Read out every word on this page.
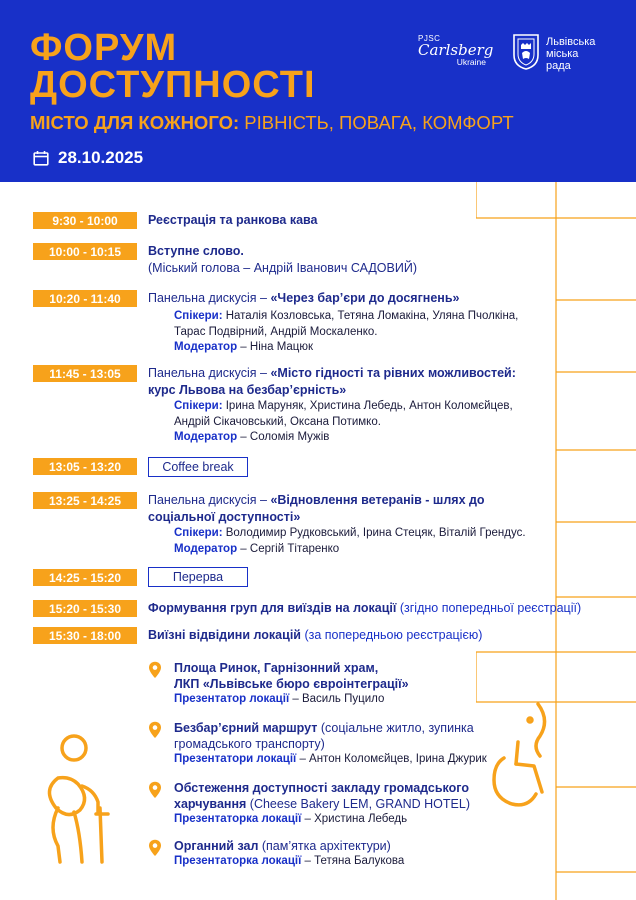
ФОРУМ
ДОСТУПНОСТІ
МІСТО ДЛЯ КОЖНОГО: РІВНІСТЬ, ПОВАГА, КОМФОРТ
28.10.2025
PJSC
Carlsberg
Ukraine
Львівська
міська
рада
9:30 - 10:00	Реєстрація та ранкова кава
10:00 - 10:15	Вступне слово.
(Міський голова – Андрій Іванович САДОВИЙ)
10:20 - 11:40	Панельна дискусія – «Через бар’єри до досягнень»
Спікери: Наталія Козловська, Тетяна Ломакіна, Уляна Пчолкіна,
Тарас Подвірний, Андрій Москаленко.
Модератор – Ніна Мацюк
11:45 - 13:05	Панельна дискусія – «Місто гідності та рівних можливостей:
курс Львова на безбар’єрність»
Спікери: Ірина Маруняк, Христина Лебедь, Антон Коломєйцев,
Андрій Сікачовський, Оксана Потимко.
Модератор – Соломія Мужів
13:05 - 13:20	Coffee break
13:25 - 14:25	Панельна дискусія – «Відновлення ветеранів - шлях до
соціальної доступності»
Спікери: Володимир Рудковський, Ірина Стецяк, Віталій Грендус.
Модератор – Сергій Тітаренко
14:25 - 15:20	Перерва
15:20 - 15:30	Формування груп для виїздів на локації (згідно попередньої реєстрації)
15:30 - 18:00	Виїзні відвідини локацій (за попередньою реєстрацією)
Площа Ринок, Гарнізонний храм,
ЛКП «Львівське бюро євроінтеграції»
Презентатор локації – Василь Пуцило
Безбар’єрний маршрут (соціальне житло, зупинка
громадського транспорту)
Презентатори локації – Антон Коломєйцев, Ірина Джурик
Обстеження доступності закладу громадського
харчування (Cheese Bakery LEM, GRAND HOTEL)
Презентаторка локації – Христина Лебедь
Органний зал (пам’ятка архітектури)
Презентаторка локації – Тетяна Балукова
